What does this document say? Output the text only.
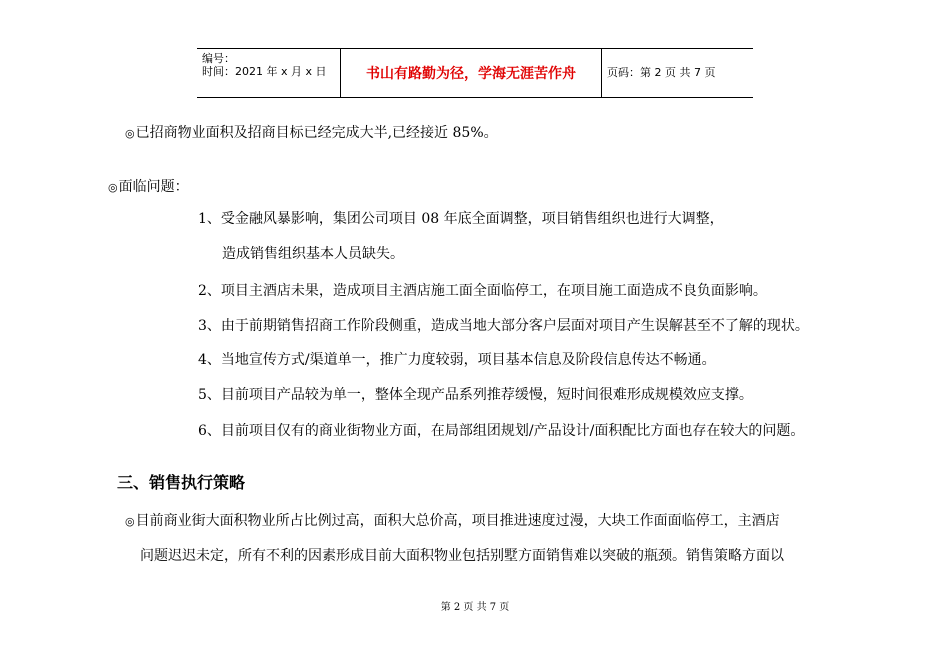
编号：
时间：2021 年 x 月 x 日	书山有路勤为径，学海无涯苦作舟	页码：第 2 页 共 7 页
◎已招商物业面积及招商目标已经完成大半,已经接近 85%。
◎面临问题：
1、受金融风暴影响，集团公司项目 08 年底全面调整，项目销售组织也进行大调整，
造成销售组织基本人员缺失。
2、项目主酒店未果，造成项目主酒店施工面全面临停工，在项目施工面造成不良负面影响。
3、由于前期销售招商工作阶段侧重，造成当地大部分客户层面对项目产生误解甚至不了解的现状。
4、当地宣传方式/渠道单一，推广力度较弱，项目基本信息及阶段信息传达不畅通。
5、目前项目产品较为单一，整体全现产品系列推荐缓慢，短时间很难形成规模效应支撑。
6、目前项目仅有的商业街物业方面，在局部组团规划/产品设计/面积配比方面也存在较大的问题。
三、销售执行策略
◎目前商业街大面积物业所占比例过高，面积大总价高，项目推进速度过漫，大块工作面面临停工，主酒店
问题迟迟未定，所有不利的因素形成目前大面积物业包括别墅方面销售难以突破的瓶颈。销售策略方面以
第 2 页 共 7 页
